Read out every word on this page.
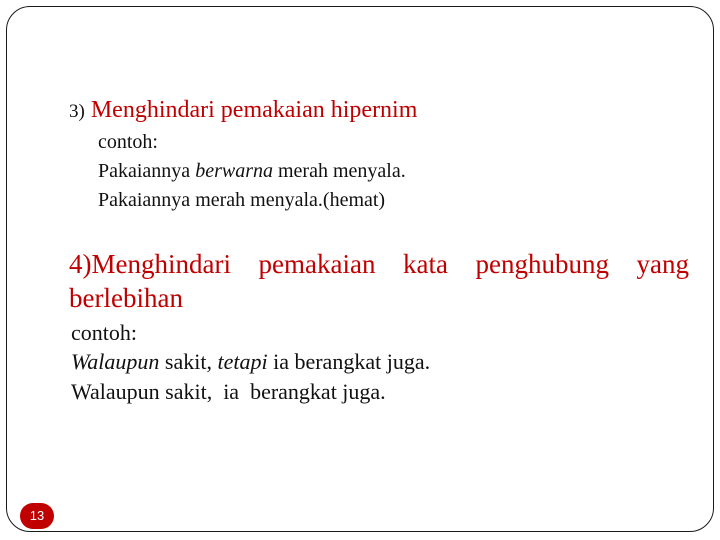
3) Menghindari pemakaian hipernim
contoh:
Pakaiannya berwarna merah menyala.
Pakaiannya merah menyala.(hemat)
4)Menghindari pemakaian kata penghubung yang
berlebihan
contoh:
Walaupun sakit, tetapi ia berangkat juga.
Walaupun sakit,  ia  berangkat juga.
13
